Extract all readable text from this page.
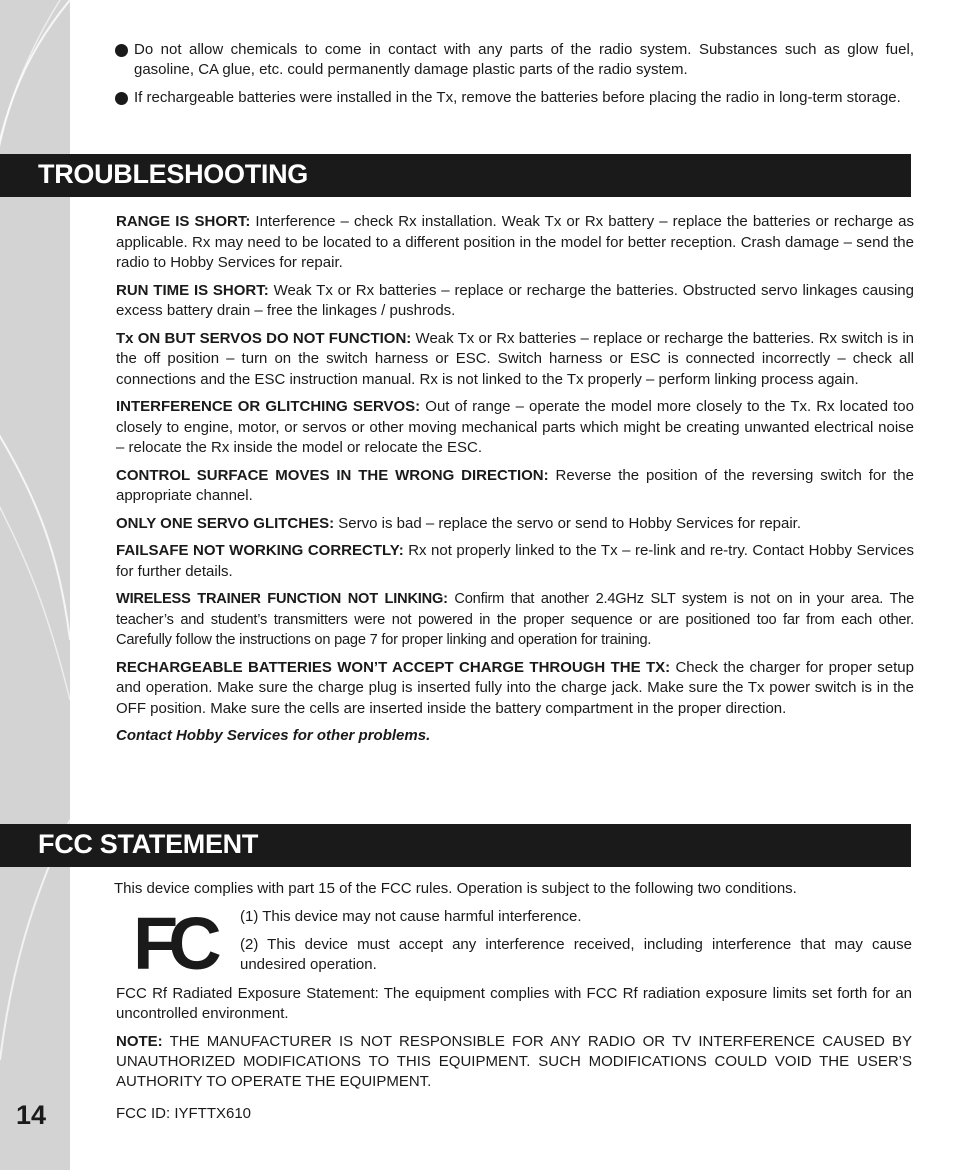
14
Do not allow chemicals to come in contact with any parts of the radio system. Substances such as glow fuel, gasoline, CA glue, etc. could permanently damage plastic parts of the radio system.
If rechargeable batteries were installed in the Tx, remove the batteries before placing the radio in long-term storage.
TROUBLESHOOTING

RANGE IS SHORT: Interference – check Rx installation. Weak Tx or Rx battery – replace the batteries or recharge as applicable. Rx may need to be located to a different position in the model for better reception. Crash damage – send the radio to Hobby Services for repair.

RUN TIME IS SHORT: Weak Tx or Rx batteries – replace or recharge the batteries. Obstructed servo linkages causing excess battery drain – free the linkages / pushrods.

Tx ON BUT SERVOS DO NOT FUNCTION: Weak Tx or Rx batteries – replace or recharge the batteries. Rx switch is in the off position – turn on the switch harness or ESC. Switch harness or ESC is connected incorrectly – check all connections and the ESC instruction manual. Rx is not linked to the Tx properly – perform linking process again.

INTERFERENCE OR GLITCHING SERVOS: Out of range – operate the model more closely to the Tx. Rx located too closely to engine, motor, or servos or other moving mechanical parts which might be creating unwanted electrical noise – relocate the Rx inside the model or relocate the ESC.

CONTROL SURFACE MOVES IN THE WRONG DIRECTION: Reverse the position of the reversing switch for the appropriate channel.

ONLY ONE SERVO GLITCHES: Servo is bad – replace the servo or send to Hobby Services for repair.

FAILSAFE NOT WORKING CORRECTLY: Rx not properly linked to the Tx – re-link and re-try. Contact Hobby Services for further details.

WIRELESS TRAINER FUNCTION NOT LINKING: Confirm that another 2.4GHz SLT system is not on in your area. The teacher’s and student’s transmitters were not powered in the proper sequence or are positioned too far from each other. Carefully follow the instructions on page 7 for proper linking and operation for training.

RECHARGEABLE BATTERIES WON’T ACCEPT CHARGE THROUGH THE TX: Check the charger for proper setup and operation. Make sure the charge plug is inserted fully into the charge jack. Make sure the Tx power switch is in the OFF position. Make sure the cells are inserted inside the battery compartment in the proper direction.

Contact Hobby Services for other problems.

FCC STATEMENT
This device complies with part 15 of the FCC rules. Operation is subject to the following two conditions.
FC	(1) This device may not cause harmful interference.

(2) This device must accept any interference received, including interference that may cause undesired operation.

FCC Rf Radiated Exposure Statement: The equipment complies with FCC Rf radiation exposure limits set forth for an uncontrolled environment.

NOTE: THE MANUFACTURER IS NOT RESPONSIBLE FOR ANY RADIO OR TV INTERFERENCE CAUSED BY UNAUTHORIZED MODIFICATIONS TO THIS EQUIPMENT. SUCH MODIFICATIONS COULD VOID THE USER’S AUTHORITY TO OPERATE THE EQUIPMENT.

FCC ID: IYFTTX610
